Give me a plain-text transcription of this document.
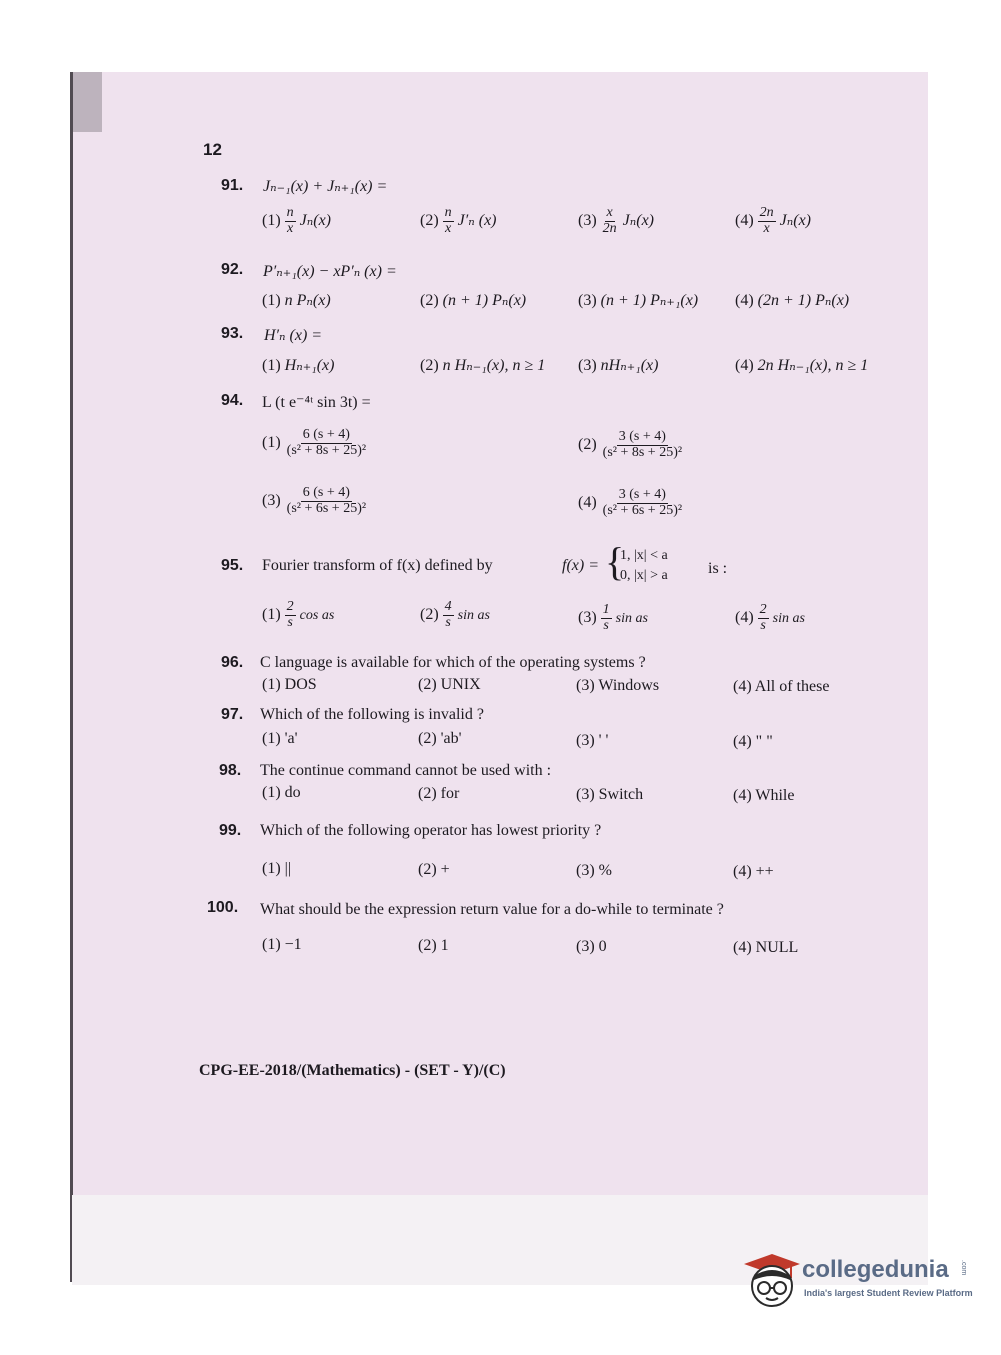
12
91. Jₙ₋₁(x) + Jₙ₊₁(x) =
$(1) \frac{n}{x} J_n(x)$	$(2) \frac{n}{x} J'_n$ (x)	$(3) \frac{x}{2n} J_n(x)$	$(4) \frac{2n}{x} J_n(x)$
92. P′ₙ₊₁(x) − xP′ₙ (x) =
(1) n Pₙ(x)	(2) (n + 1) Pₙ(x)	(3) (n + 1) Pₙ₊₁(x) (4) (2n + 1) Pₙ(x)
93. H′ₙ (x) =
(1) Hₙ₊₁(x)	(2) n Hₙ₋₁(x), n ≥ 1 (3) nHₙ₊₁(x)	(4) 2n Hₙ₋₁(x), n ≥ 1
94. L (t e⁻⁴ᵗ sin 3t) =
$(1) \frac{6 (s + 4)}{\text{(s² + 8s + 25)²}}$	$(2) \frac{3 (s + 4)}{\text{(s² + 8s + 25)²}}$
$(3) \frac{6 (s + 4)}{\text{(s² + 6s + 25)²}}$	$(4) \frac{3 (s + 4)}{\text{(s² + 6s + 25)²}}$
95. Fourier transform of f(x) defined by	f(x) = {
1, |x| < a
0, |x| > a	is :
$(1) \frac{2}{s}$ cos as	$(2) \frac{4}{s}$ sin as	$(3) \frac{1}{s}$ sin as	$(4) \frac{2}{s}$ sin as
96. C language is available for which of the operating systems ?
(1) DOS	(2) UNIX	(3) Windows	(4) All of these
97. Which of the following is invalid ?
(1) 'a'	(2) 'ab'	(3) ' '	(4) " "
98. The continue command cannot be used with :
(1) do	(2) for	(3) Switch	(4) While
99. Which of the following operator has lowest priority ?
(1) ||	(2) +	(3) %	(4) ++
100. What should be the expression return value for a do-while to terminate ?
(1) −1	(2) 1	(3) 0	(4) NULL
CPG-EE-2018/(Mathematics) - (SET - Y)/(C)
collegedunia .com
India's largest Student Review Platform
